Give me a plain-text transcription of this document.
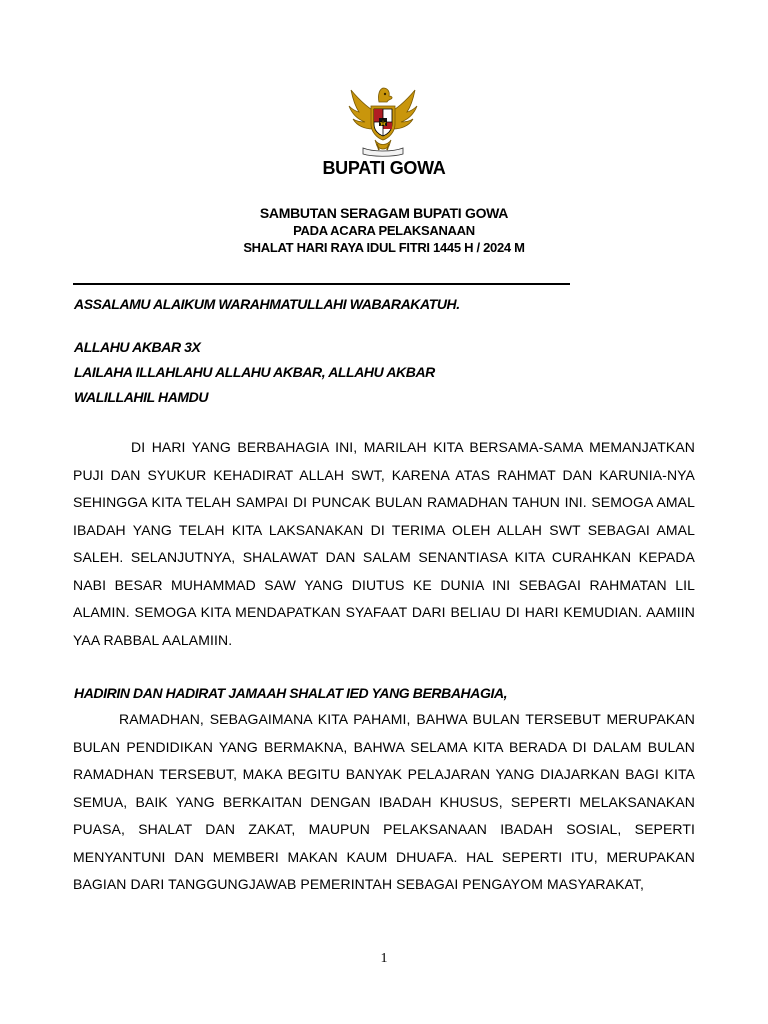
BUPATI GOWA
SAMBUTAN SERAGAM BUPATI GOWA
PADA ACARA PELAKSANAAN
SHALAT HARI RAYA IDUL FITRI 1445 H / 2024 M
ASSALAMU ALAIKUM WARAHMATULLAHI WABARAKATUH.
ALLAHU AKBAR 3X
LAILAHA ILLAHLAHU ALLAHU AKBAR, ALLAHU AKBAR
WALILLAHIL HAMDU
DI HARI YANG BERBAHAGIA INI, MARILAH KITA BERSAMA-SAMA MEMANJATKAN PUJI DAN SYUKUR KEHADIRAT ALLAH SWT, KARENA ATAS RAHMAT DAN KARUNIA-NYA SEHINGGA KITA TELAH SAMPAI DI PUNCAK BULAN RAMADHAN TAHUN INI. SEMOGA AMAL IBADAH YANG TELAH KITA LAKSANAKAN DI TERIMA OLEH ALLAH SWT SEBAGAI AMAL SALEH. SELANJUTNYA, SHALAWAT DAN SALAM SENANTIASA KITA CURAHKAN KEPADA NABI BESAR MUHAMMAD SAW YANG DIUTUS KE DUNIA INI SEBAGAI RAHMATAN LIL ALAMIN. SEMOGA KITA MENDAPATKAN SYAFAAT DARI BELIAU DI HARI KEMUDIAN. AAMIIN YAA RABBAL AALAMIIN.
HADIRIN DAN HADIRAT JAMAAH SHALAT IED YANG BERBAHAGIA,
RAMADHAN, SEBAGAIMANA KITA PAHAMI, BAHWA BULAN TERSEBUT MERUPAKAN BULAN PENDIDIKAN YANG BERMAKNA, BAHWA SELAMA KITA BERADA DI DALAM BULAN RAMADHAN TERSEBUT, MAKA BEGITU BANYAK PELAJARAN YANG DIAJARKAN BAGI KITA SEMUA, BAIK YANG BERKAITAN DENGAN IBADAH KHUSUS, SEPERTI MELAKSANAKAN PUASA, SHALAT DAN ZAKAT, MAUPUN PELAKSANAAN IBADAH SOSIAL, SEPERTI MENYANTUNI DAN MEMBERI MAKAN KAUM DHUAFA. HAL SEPERTI ITU, MERUPAKAN BAGIAN DARI TANGGUNGJAWAB PEMERINTAH SEBAGAI PENGAYOM MASYARAKAT,
1
